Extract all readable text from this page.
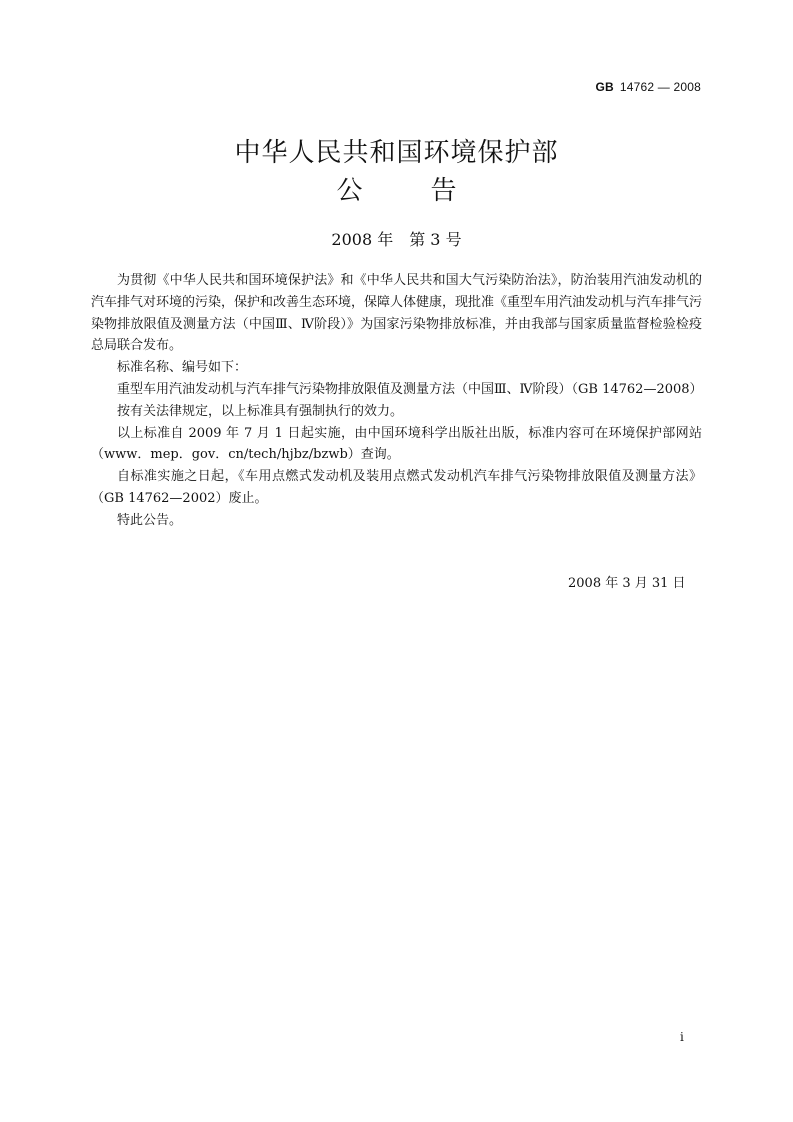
GB 14762 — 2008
中华人民共和国环境保护部
公	告
2008 年　第 3 号

为贯彻《中华人民共和国环境保护法》和《中华人民共和国大气污染防治法》，防治装用汽油发动机的汽车排气对环境的污染，保护和改善生态环境，保障人体健康，现批准《重型车用汽油发动机与汽车排气污染物排放限值及测量方法（中国Ⅲ、Ⅳ阶段）》为国家污染物排放标准，并由我部与国家质量监督检验检疫总局联合发布。

标准名称、编号如下：

重型车用汽油发动机与汽车排气污染物排放限值及测量方法（中国Ⅲ、Ⅳ阶段）（GB 14762—2008）

按有关法律规定，以上标准具有强制执行的效力。

以上标准自 2009 年 7 月 1 日起实施，由中国环境科学出版社出版，标准内容可在环境保护部网站（www．mep．gov．cn/tech/hjbz/bzwb）查询。

自标准实施之日起，《车用点燃式发动机及装用点燃式发动机汽车排气污染物排放限值及测量方法》（GB 14762—2002）废止。

特此公告。

2008 年 3 月 31 日
i
